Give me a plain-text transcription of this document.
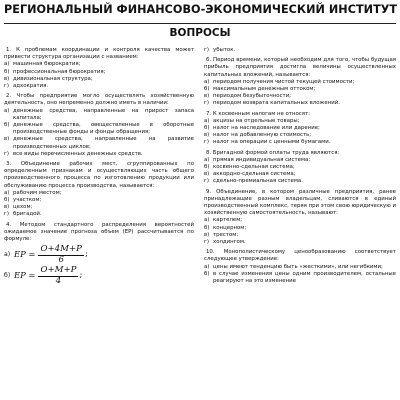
РЕГИОНАЛЬНЫЙ ФИНАНСОВО-ЭКОНОМИЧЕСКИЙ ИНСТИТУТ
ВОПРОСЫ
1. К проблемам координации и контроля качества может привести структура организации с названием:
а) машинная бюрократия;
б) профессиональная бюрократия;
в) дивизиональная структура;
г) адхократия.
2. Чтобы предприятие могло осуществлять хозяйственную деятельность, оно непременно должно иметь в наличии:
а) денежные средства, направленные на прирост запаса капитала;
б) денежные средства, овеществленные в оборотные производственные фонды и фонды обращения;
в) денежные средства, направленные на развитие производственных циклов;
г) все виды перечисленных денежных средств.
3. Объединение рабочих мест, сгруппированных по определенным признакам и осуществляющих часть общего производственного процесса по изготовлению продукции или обслуживанию процесса производства, называется:
а) рабочим местом;
б) участком;
в) цехом;
г) бригадой.
4. Методом стандартного распределения вероятностей ожидаемое значение прогноза объем (EP) рассчитывается по формуле:
а) EP = $\frac{O+4M+P}{6}$ ;
б) EP = $\frac{O+M+P}{4}$ ;
г) убыток.
6. Период времени, который необходим для того, чтобы будущая прибыль предприятия достигла величины осуществленных капитальных вложений, называется:
а) периодом получения чистой текущей стоимости;
б) максимальным денежным оттоком;
в) периодом безубыточности;
г) периодом возврата капитальных вложений.
7. К косвенным налогам не относят:
а) акцизы на отдельные товары;
б) налог на наследование или дарение;
в) налог на добавленную стоимость;
г) налог на операции с ценными бумагами.
8. Бригадной формой оплаты труда являются:
а) прямая индивидуальная система;
б) косвенно-сдельная система;
в) аккордно-сдельная система;
г) сдельно-премиальная система.
9. Объединение, в котором различные предприятия, ранее принадлежащие разным владельцам, сливаются в единый производственный комплекс, теряя при этом свою юридическую и хозяйственную самостоятельность, называют:
а) картелем;
б) концерном;
в) трестом;
г) холдингом.
10. Монополистическому ценообразованию соответствует следующее утверждение:
а) цены имеют тенденцию быть «жесткими», или негибкими;
б) в случае изменения цены одним производителем, остальные реагируют на это изменение
